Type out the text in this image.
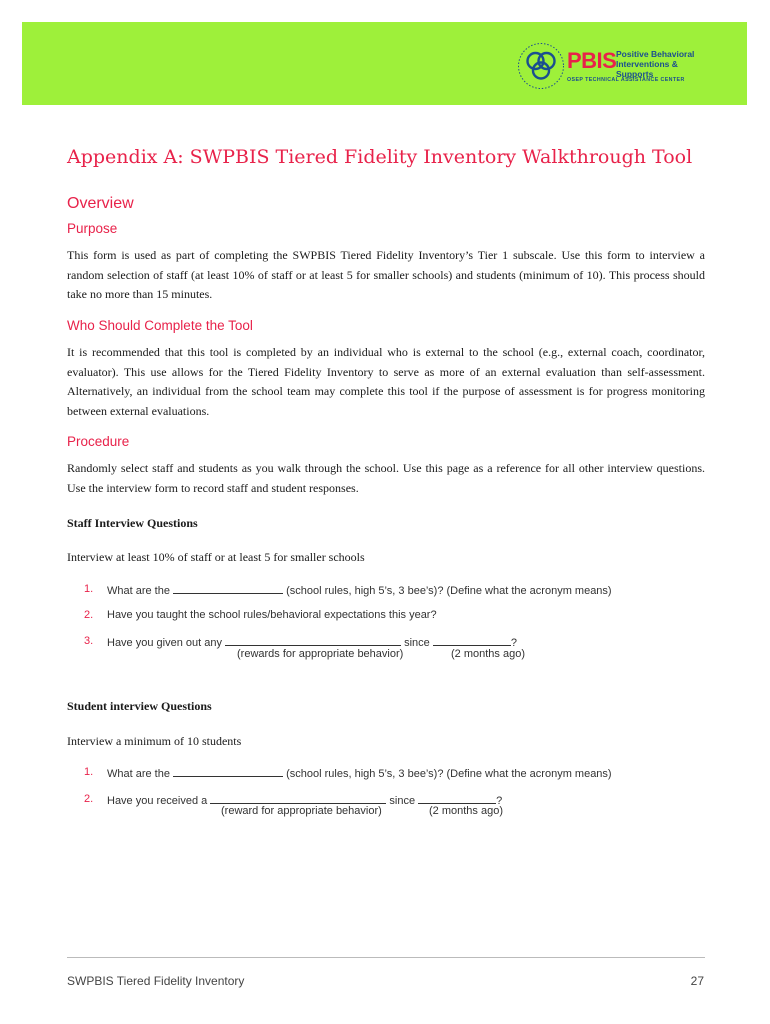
PBIS Positive Behavioral
Interventions & Supports
OSEP TECHNICAL ASSISTANCE CENTER
Appendix A: SWPBIS Tiered Fidelity Inventory Walkthrough Tool
Overview
Purpose

This form is used as part of completing the SWPBIS Tiered Fidelity Inventory’s Tier 1 subscale. Use this form to interview a random selection of staff (at least 10% of staff or at least 5 for smaller schools) and students (minimum of 10). This process should take no more than 15 minutes.

Who Should Complete the Tool

It is recommended that this tool is completed by an individual who is external to the school (e.g., external coach, coordinator, evaluator). This use allows for the Tiered Fidelity Inventory to serve as more of an external evaluation than self-assessment. Alternatively, an individual from the school team may complete this tool if the purpose of assessment is for progress monitoring between external evaluations.

Procedure

Randomly select staff and students as you walk through the school. Use this page as a reference for all other interview questions. Use the interview form to record staff and student responses.

Staff Interview Questions
Interview at least 10% of staff or at least 5 for smaller schools
1. What are the	(school rules, high 5’s, 3 bee’s)? (Define what the acronym means)
2. Have you taught the school rules/behavioral expectations this year?
3. Have you given out any	since	?
(rewards for appropriate behavior)	(2 months ago)
Student interview Questions
Interview a minimum of 10 students
1. What are the	(school rules, high 5’s, 3 bee’s)? (Define what the acronym means)
2. Have you received a	since	?
(reward for appropriate behavior)	(2 months ago)
SWPBIS Tiered Fidelity Inventory	27
